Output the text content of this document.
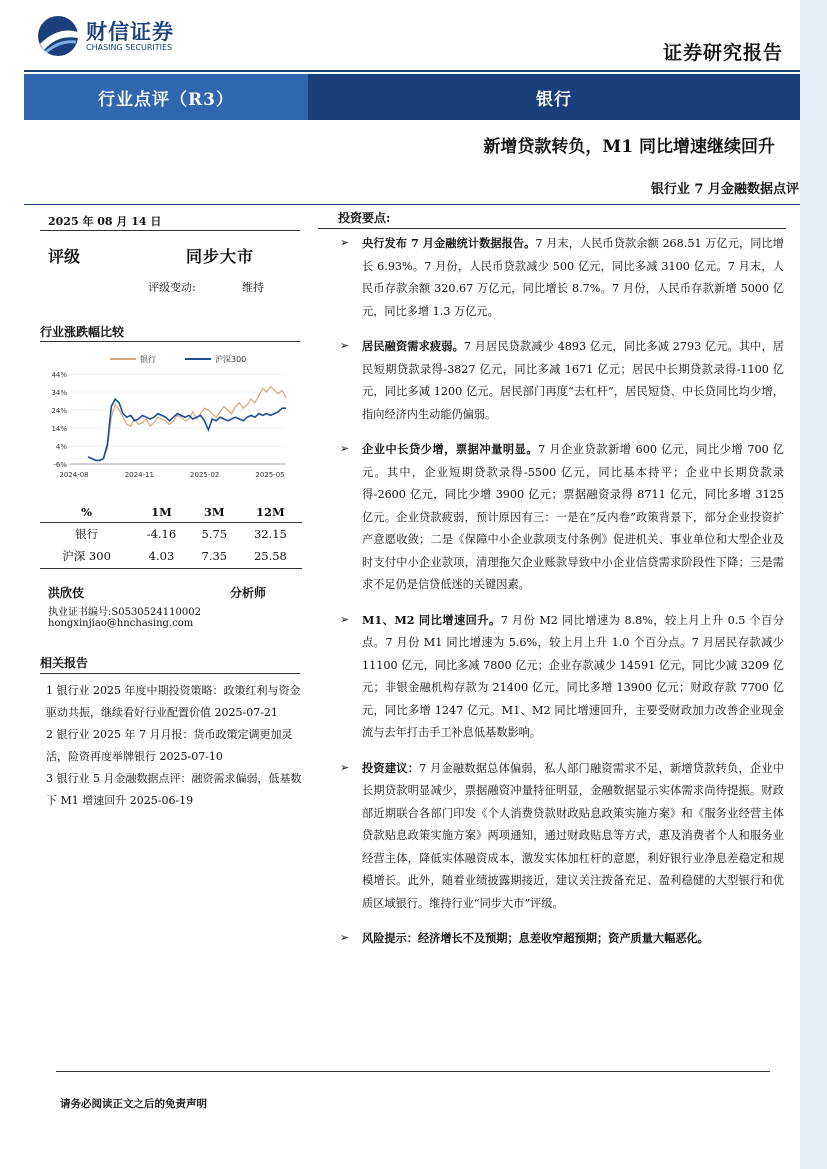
财信证券
CHASING SECURITIES	证券研究报告
行业点评（R3）	银行
新增贷款转负，M1 同比增速继续回升
银行业 7 月金融数据点评
2025 年 08 月 14 日
评级	同步大市
评级变动:	维持
行业涨跌幅比较
44%
34%
24%
14%
4%
-6%
2024-08	2024-11	2025-02	2025-05
银行	沪深300
%	1M	3M	12M
银行	-4.16	5.75	32.15
沪深 300	4.03	7.35	25.58
洪欣伎	分析师
执业证书编号:S0530524110002
hongxinjiao@hnchasing.com
相关报告

1 银行业 2025 年度中期投资策略：政策红利与资金驱动共振，继续看好行业配置价值 2025-07-21

2 银行业 2025 年 7 月月报：货币政策定调更加灵活，险资再度举牌银行 2025-07-10

3 银行业 5 月金融数据点评：融资需求偏弱，低基数下 M1 增速回升 2025-06-19

投资要点:
➢ 央行发布 7 月金融统计数据报告。7 月末，人民币贷款余额 268.51 万亿元，同比增长 6.93%。7 月份，人民币贷款减少 500 亿元，同比多减 3100 亿元。7 月末，人民币存款余额 320.67 万亿元，同比增长 8.7%。7 月份，人民币存款新增 5000 亿元，同比多增 1.3 万亿元。
➢ 居民融资需求疲弱。7 月居民贷款减少 4893 亿元，同比多减 2793 亿元。其中，居民短期贷款录得-3827 亿元，同比多减 1671 亿元；居民中长期贷款录得-1100 亿元，同比多减 1200 亿元。居民部门再度“去杠杆”，居民短贷、中长贷同比均少增，指向经济内生动能仍偏弱。
➢ 企业中长贷少增，票据冲量明显。7 月企业贷款新增 600 亿元，同比少增 700 亿元。其中，企业短期贷款录得-5500 亿元，同比基本持平；企业中长期贷款录得-2600 亿元，同比少增 3900 亿元；票据融资录得 8711 亿元，同比多增 3125 亿元。企业贷款疲弱，预计原因有三：一是在“反内卷”政策背景下，部分企业投资扩产意愿收敛；二是《保障中小企业款项支付条例》促进机关、事业单位和大型企业及时支付中小企业款项，清理拖欠企业账款导致中小企业信贷需求阶段性下降；三是需求不足仍是信贷低迷的关键因素。
➢ M1、M2 同比增速回升。7 月份 M2 同比增速为 8.8%，较上月上升 0.5 个百分点。7 月份 M1 同比增速为 5.6%，较上月上升 1.0 个百分点。7 月居民存款减少 11100 亿元，同比多减 7800 亿元；企业存款减少 14591 亿元，同比少减 3209 亿元；非银金融机构存款为 21400 亿元，同比多增 13900 亿元；财政存款 7700 亿元，同比多增 1247 亿元。M1、M2 同比增速回升，主要受财政加力改善企业现金流与去年打击手工补息低基数影响。
➢ 投资建议：7 月金融数据总体偏弱，私人部门融资需求不足，新增贷款转负，企业中长期贷款明显减少，票据融资冲量特征明显，金融数据显示实体需求尚待提振。财政部近期联合各部门印发《个人消费贷款财政贴息政策实施方案》和《服务业经营主体贷款贴息政策实施方案》两项通知，通过财政贴息等方式，惠及消费者个人和服务业经营主体，降低实体融资成本，激发实体加杠杆的意愿，利好银行业净息差稳定和规模增长。此外，随着业绩披露期接近，建议关注拨备充足、盈利稳健的大型银行和优质区域银行。维持行业“同步大市”评级。
➢ 风险提示：经济增长不及预期；息差收窄超预期；资产质量大幅恶化。
请务必阅读正文之后的免责声明
